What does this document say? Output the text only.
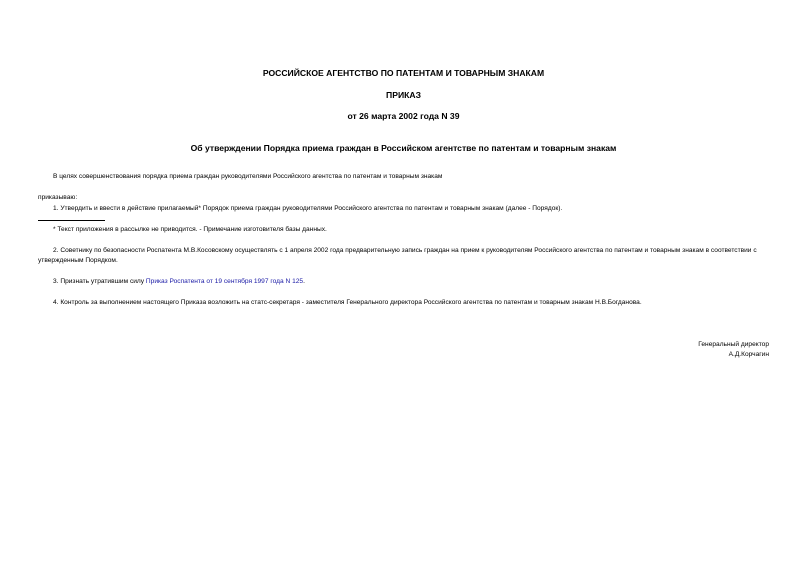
РОССИЙСКОЕ АГЕНТСТВО ПО ПАТЕНТАМ И ТОВАРНЫМ ЗНАКАМ
ПРИКАЗ
от 26 марта 2002 года N 39
Об утверждении Порядка приема граждан в Российском агентстве по патентам и товарным знакам
В целях совершенствования порядка приема граждан руководителями Российского агентства по патентам и товарным знакам
приказываю:
1. Утвердить и ввести в действие прилагаемый* Порядок приема граждан руководителями Российского агентства по патентам и товарным знакам (далее - Порядок).
* Текст приложения в рассылке не приводится. - Примечание изготовителя базы данных.
2. Советнику по безопасности Роспатента М.В.Косовскому осуществлять с 1 апреля 2002 года предварительную запись граждан на прием к руководителям Российского агентства по патентам и товарным знакам в соответствии с утвержденным Порядком.
3. Признать утратившим силу Приказ Роспатента от 19 сентября 1997 года N 125.
4. Контроль за выполнением настоящего Приказа возложить на статс-секретаря - заместителя Генерального директора Российского агентства по патентам и товарным знакам Н.В.Богданова.
Генеральный директор
А.Д.Корчагин
